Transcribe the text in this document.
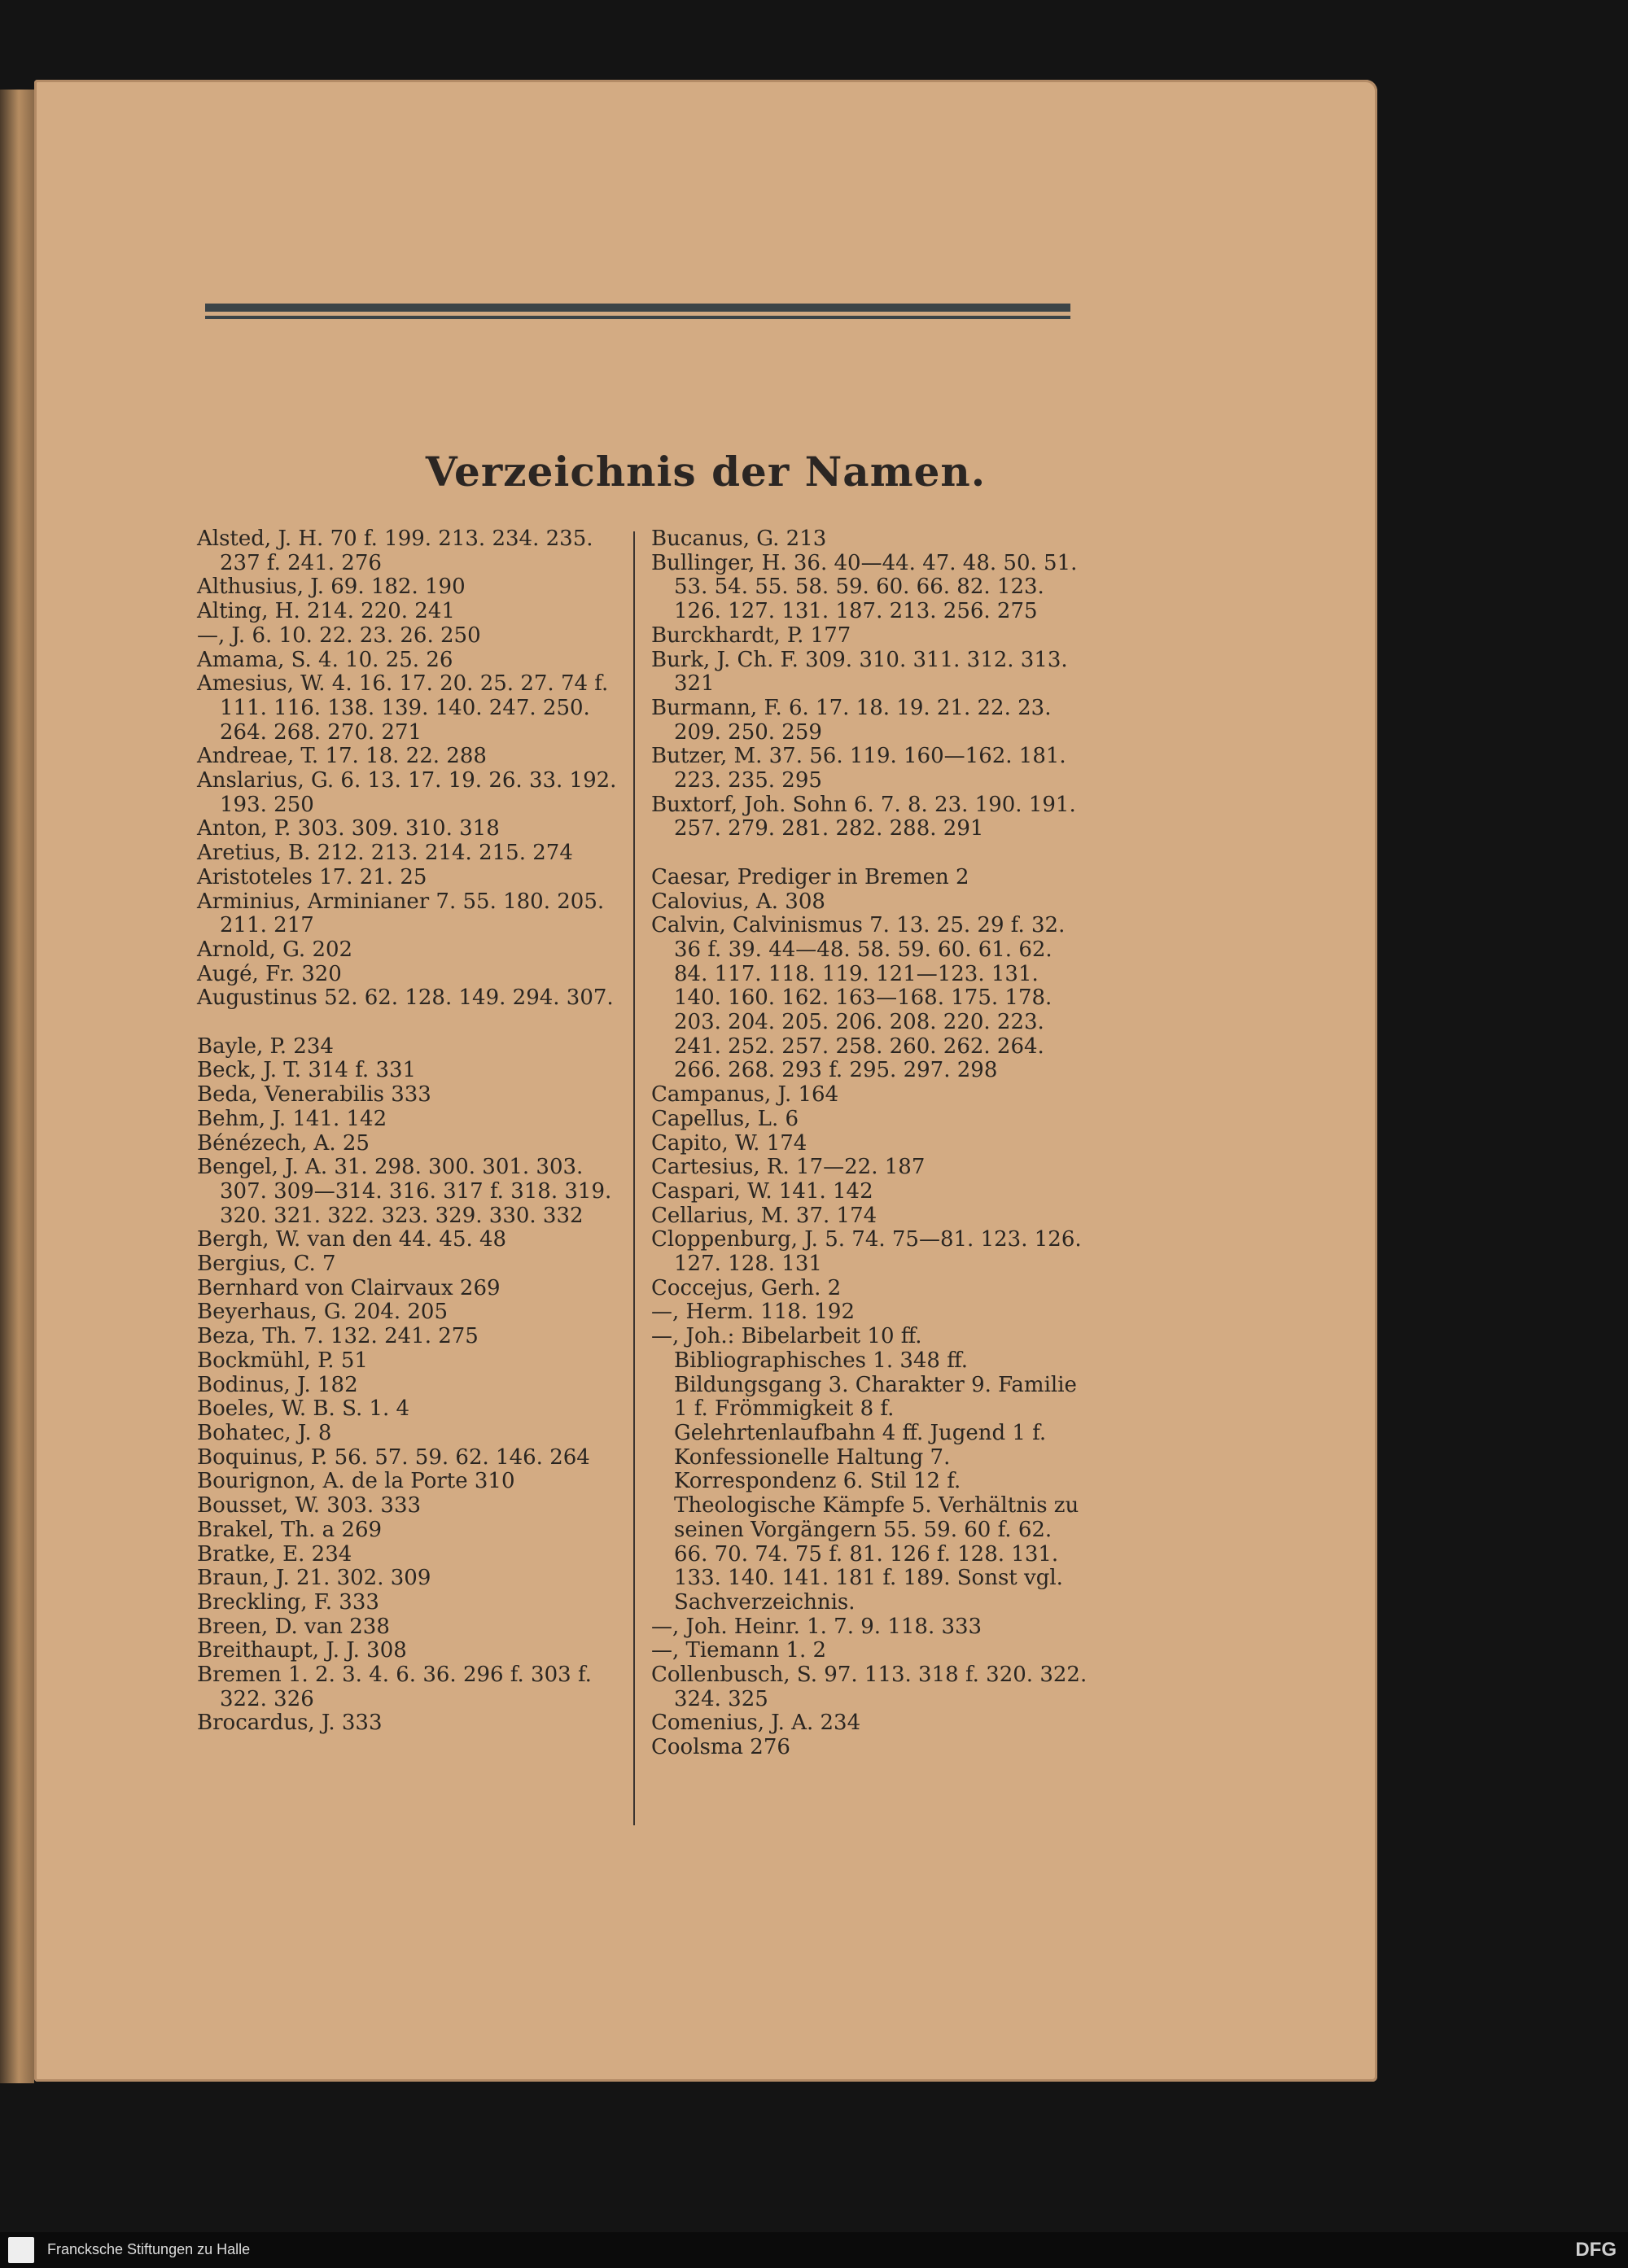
Verzeichnis der Namen.
Alsted, J. H. 70 f. 199. 213. 234. 235. 237 f. 241. 276
Althusius, J. 69. 182. 190
Alting, H. 214. 220. 241
—, J. 6. 10. 22. 23. 26. 250
Amama, S. 4. 10. 25. 26
Amesius, W. 4. 16. 17. 20. 25. 27. 74 f. 111. 116. 138. 139. 140. 247. 250. 264. 268. 270. 271
Andreae, T. 17. 18. 22. 288
Anslarius, G. 6. 13. 17. 19. 26. 33. 192. 193. 250
Anton, P. 303. 309. 310. 318
Aretius, B. 212. 213. 214. 215. 274
Aristoteles 17. 21. 25
Arminius, Arminianer 7. 55. 180. 205. 211. 217
Arnold, G. 202
Augé, Fr. 320
Augustinus 52. 62. 128. 149. 294. 307.
Bayle, P. 234
Beck, J. T. 314 f. 331
Beda, Venerabilis 333
Behm, J. 141. 142
Bénézech, A. 25
Bengel, J. A. 31. 298. 300. 301. 303. 307. 309—314. 316. 317 f. 318. 319. 320. 321. 322. 323. 329. 330. 332
Bergh, W. van den 44. 45. 48
Bergius, C. 7
Bernhard von Clairvaux 269
Beyerhaus, G. 204. 205
Beza, Th. 7. 132. 241. 275
Bockmühl, P. 51
Bodinus, J. 182
Boeles, W. B. S. 1. 4
Bohatec, J. 8
Boquinus, P. 56. 57. 59. 62. 146. 264
Bourignon, A. de la Porte 310
Bousset, W. 303. 333
Brakel, Th. a 269
Bratke, E. 234
Braun, J. 21. 302. 309
Breckling, F. 333
Breen, D. van 238
Breithaupt, J. J. 308
Bremen 1. 2. 3. 4. 6. 36. 296 f. 303 f. 322. 326
Brocardus, J. 333
Bucanus, G. 213
Bullinger, H. 36. 40—44. 47. 48. 50. 51. 53. 54. 55. 58. 59. 60. 66. 82. 123. 126. 127. 131. 187. 213. 256. 275
Burckhardt, P. 177
Burk, J. Ch. F. 309. 310. 311. 312. 313. 321
Burmann, F. 6. 17. 18. 19. 21. 22. 23. 209. 250. 259
Butzer, M. 37. 56. 119. 160—162. 181. 223. 235. 295
Buxtorf, Joh. Sohn 6. 7. 8. 23. 190. 191. 257. 279. 281. 282. 288. 291
Caesar, Prediger in Bremen 2
Calovius, A. 308
Calvin, Calvinismus 7. 13. 25. 29 f. 32. 36 f. 39. 44—48. 58. 59. 60. 61. 62. 84. 117. 118. 119. 121—123. 131. 140. 160. 162. 163—168. 175. 178. 203. 204. 205. 206. 208. 220. 223. 241. 252. 257. 258. 260. 262. 264. 266. 268. 293 f. 295. 297. 298
Campanus, J. 164
Capellus, L. 6
Capito, W. 174
Cartesius, R. 17—22. 187
Caspari, W. 141. 142
Cellarius, M. 37. 174
Cloppenburg, J. 5. 74. 75—81. 123. 126. 127. 128. 131
Coccejus, Gerh. 2
—, Herm. 118. 192
—, Joh.: Bibelarbeit 10 ff. Bibliographisches 1. 348 ff. Bildungsgang 3. Charakter 9. Familie 1 f. Frömmigkeit 8 f. Gelehrtenlaufbahn 4 ff. Jugend 1 f. Konfessionelle Haltung 7. Korrespondenz 6. Stil 12 f. Theologische Kämpfe 5. Verhältnis zu seinen Vorgängern 55. 59. 60 f. 62. 66. 70. 74. 75 f. 81. 126 f. 128. 131. 133. 140. 141. 181 f. 189. Sonst vgl. Sachverzeichnis.
—, Joh. Heinr. 1. 7. 9. 118. 333
—, Tiemann 1. 2
Collenbusch, S. 97. 113. 318 f. 320. 322. 324. 325
Comenius, J. A. 234
Coolsma 276
Francksche Stiftungen zu Halle	DFG
